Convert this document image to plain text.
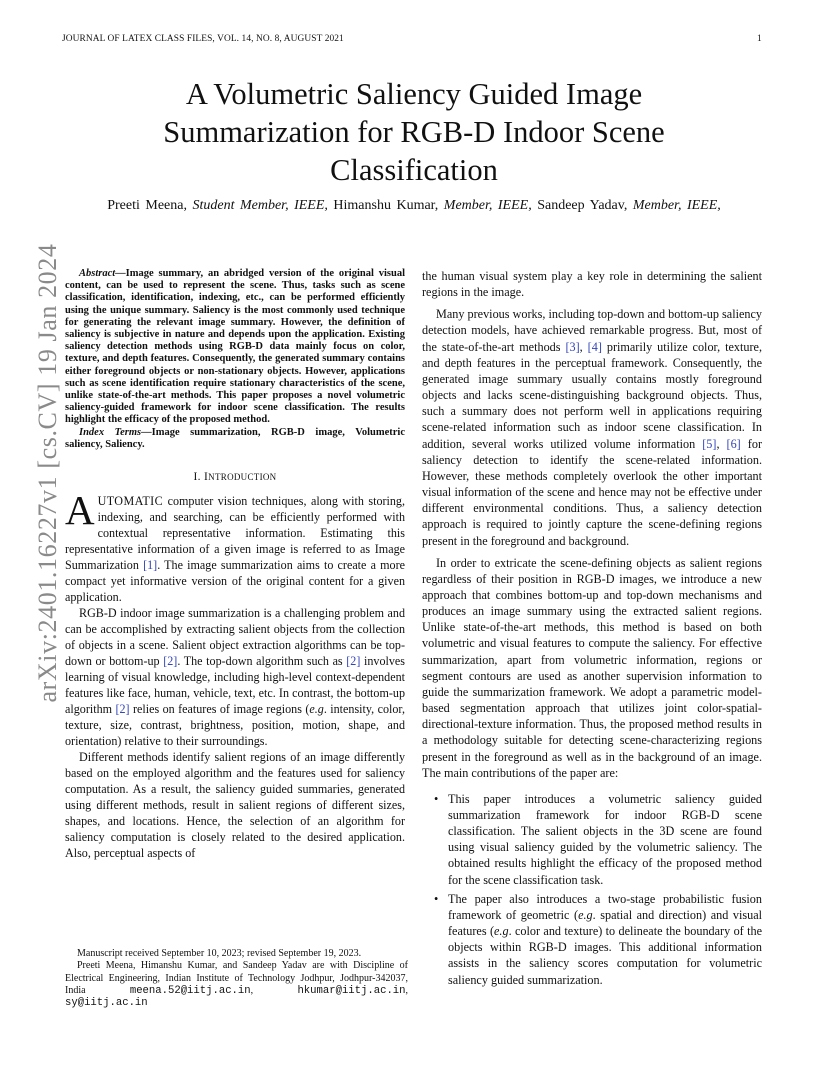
JOURNAL OF LATEX CLASS FILES, VOL. 14, NO. 8, AUGUST 2021	1
arXiv:2401.16227v1 [cs.CV] 19 Jan 2024
A Volumetric Saliency Guided Image Summarization for RGB-D Indoor Scene Classification
Preeti Meena, Student Member, IEEE, Himanshu Kumar, Member, IEEE, Sandeep Yadav, Member, IEEE,

Abstract—Image summary, an abridged version of the original visual content, can be used to represent the scene. Thus, tasks such as scene classification, identification, indexing, etc., can be performed efficiently using the unique summary. Saliency is the most commonly used technique for generating the relevant image summary. However, the definition of saliency is subjective in nature and depends upon the application. Existing saliency detection methods using RGB-D data mainly focus on color, texture, and depth features. Consequently, the generated summary contains either foreground objects or non-stationary objects. However, applications such as scene identification require stationary characteristics of the scene, unlike state-of-the-art methods. This paper proposes a novel volumetric saliency-guided framework for indoor scene classification. The results highlight the efficacy of the proposed method.

Index Terms—Image summarization, RGB-D image, Volumetric saliency, Saliency.

I. INTRODUCTION

AUTOMATIC computer vision techniques, along with storing, indexing, and searching, can be efficiently performed with contextual representative information. Estimating this representative information of a given image is referred to as Image Summarization [1]. The image summarization aims to create a more compact yet informative version of the original content for a given application.

RGB-D indoor image summarization is a challenging problem and can be accomplished by extracting salient objects from the collection of objects in a scene. Salient object extraction algorithms can be top-down or bottom-up [2]. The top-down algorithm such as [2] involves learning of visual knowledge, including high-level context-dependent features like face, human, vehicle, text, etc. In contrast, the bottom-up algorithm [2] relies on features of image regions (e.g. intensity, color, texture, size, contrast, brightness, position, motion, shape, and orientation) relative to their surroundings.

Different methods identify salient regions of an image differently based on the employed algorithm and the features used for saliency computation. As a result, the saliency guided summaries, generated using different methods, result in salient regions of different sizes, shapes, and locations. Hence, the selection of an algorithm for saliency computation is closely related to the desired application. Also, perceptual aspects of

Manuscript received September 10, 2023; revised September 19, 2023.

Preeti Meena, Himanshu Kumar, and Sandeep Yadav are with Discipline of Electrical Engineering, Indian Institute of Technology Jodhpur, Jodhpur-342037, India meena.52@iitj.ac.in, hkumar@iitj.ac.in, sy@iitj.ac.in

the human visual system play a key role in determining the salient regions in the image.

Many previous works, including top-down and bottom-up saliency detection models, have achieved remarkable progress. But, most of the state-of-the-art methods [3], [4] primarily utilize color, texture, and depth features in the perceptual framework. Consequently, the generated image summary usually contains mostly foreground objects and lacks scene-distinguishing background objects. Thus, such a summary does not perform well in applications requiring scene-related information such as indoor scene classification. In addition, several works utilized volume information [5], [6] for saliency detection to identify the scene-related information. However, these methods completely overlook the other important visual information of the scene and hence may not be effective under different environmental conditions. Thus, a saliency detection approach is required to jointly capture the scene-defining regions present in the foreground and background.

In order to extricate the scene-defining objects as salient regions regardless of their position in RGB-D images, we introduce a new approach that combines bottom-up and top-down mechanisms and produces an image summary using the extracted salient regions. Unlike state-of-the-art methods, this method is based on both volumetric and visual features to compute the saliency. For effective summarization, apart from volumetric information, regions or segment contours are used as another supervision information to guide the summarization framework. We adopt a parametric model-based segmentation approach that utilizes joint color-spatial-directional-texture information. Thus, the proposed method results in a methodology suitable for detecting scene-characterizing regions present in the foreground as well as in the background of an image. The main contributions of the paper are:

• This paper introduces a volumetric saliency guided summarization framework for indoor RGB-D scene classification. The salient objects in the 3D scene are found using visual saliency guided by the volumetric saliency. The obtained results highlight the efficacy of the proposed method for the scene classification task.
• The paper also introduces a two-stage probabilistic fusion framework of geometric (e.g. spatial and direction) and visual features (e.g. color and texture) to delineate the boundary of the objects within RGB-D images. This additional information assists in the saliency scores computation for volumetric saliency guided summarization.
